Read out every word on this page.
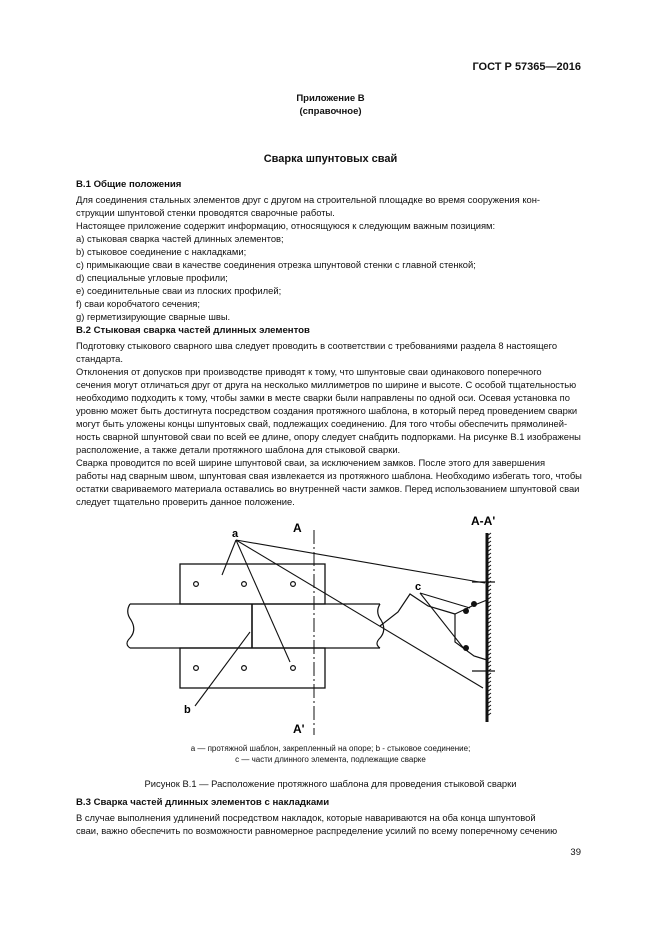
ГОСТ Р 57365—2016
Приложение В
(справочное)
Сварка шпунтовых свай
В.1 Общие положения

Для соединения стальных элементов друг с другом на строительной площадке во время сооружения кон-

струкции шпунтовой стенки проводятся сварочные работы.

Настоящее приложение содержит информацию, относящуюся к следующим важным позициям:

a) стыковая сварка частей длинных элементов;

b) стыковое соединение с накладками;

c) примыкающие сваи в качестве соединения отрезка шпунтовой стенки с главной стенкой;

d) специальные угловые профили;

e) соединительные сваи из плоских профилей;

f) сваи коробчатого сечения;

g) герметизирующие сварные швы.

В.2 Стыковая сварка частей длинных элементов

Подготовку стыкового сварного шва следует проводить в соответствии с требованиями раздела 8 настоящего

стандарта.

Отклонения от допусков при производстве приводят к тому, что шпунтовые сваи одинакового поперечного

сечения могут отличаться друг от друга на несколько миллиметров по ширине и высоте. С особой тщательностью

необходимо подходить к тому, чтобы замки в месте сварки были направлены по одной оси. Осевая установка по

уровню может быть достигнута посредством создания протяжного шаблона, в который перед проведением сварки

могут быть уложены концы шпунтовых свай, подлежащих соединению. Для того чтобы обеспечить прямолиней-

ность сварной шпунтовой сваи по всей ее длине, опору следует снабдить подпорками. На рисунке В.1 изображены

расположение, а также детали протяжного шаблона для стыковой сварки.

Сварка проводится по всей ширине шпунтовой сваи, за исключением замков. После этого для завершения

работы над сварным швом, шпунтовая свая извлекается из протяжного шаблона. Необходимо избегать того, чтобы

остатки свариваемого материала оставались во внутренней части замков. Перед использованием шпунтовой сваи

следует тщательно проверить данное положение.

a
b
c
A
A'
A-A'
a — протяжной шаблон, закрепленный на опоре; b - стыковое соединение;
c — части длинного элемента, подлежащие сварке
Рисунок В.1 — Расположение протяжного шаблона для проведения стыковой сварки
В.3 Сварка частей длинных элементов с накладками

В случае выполнения удлинений посредством накладок, которые навариваются на оба конца шпунтовой

сваи, важно обеспечить по возможности равномерное распределение усилий по всему поперечному сечению

39
